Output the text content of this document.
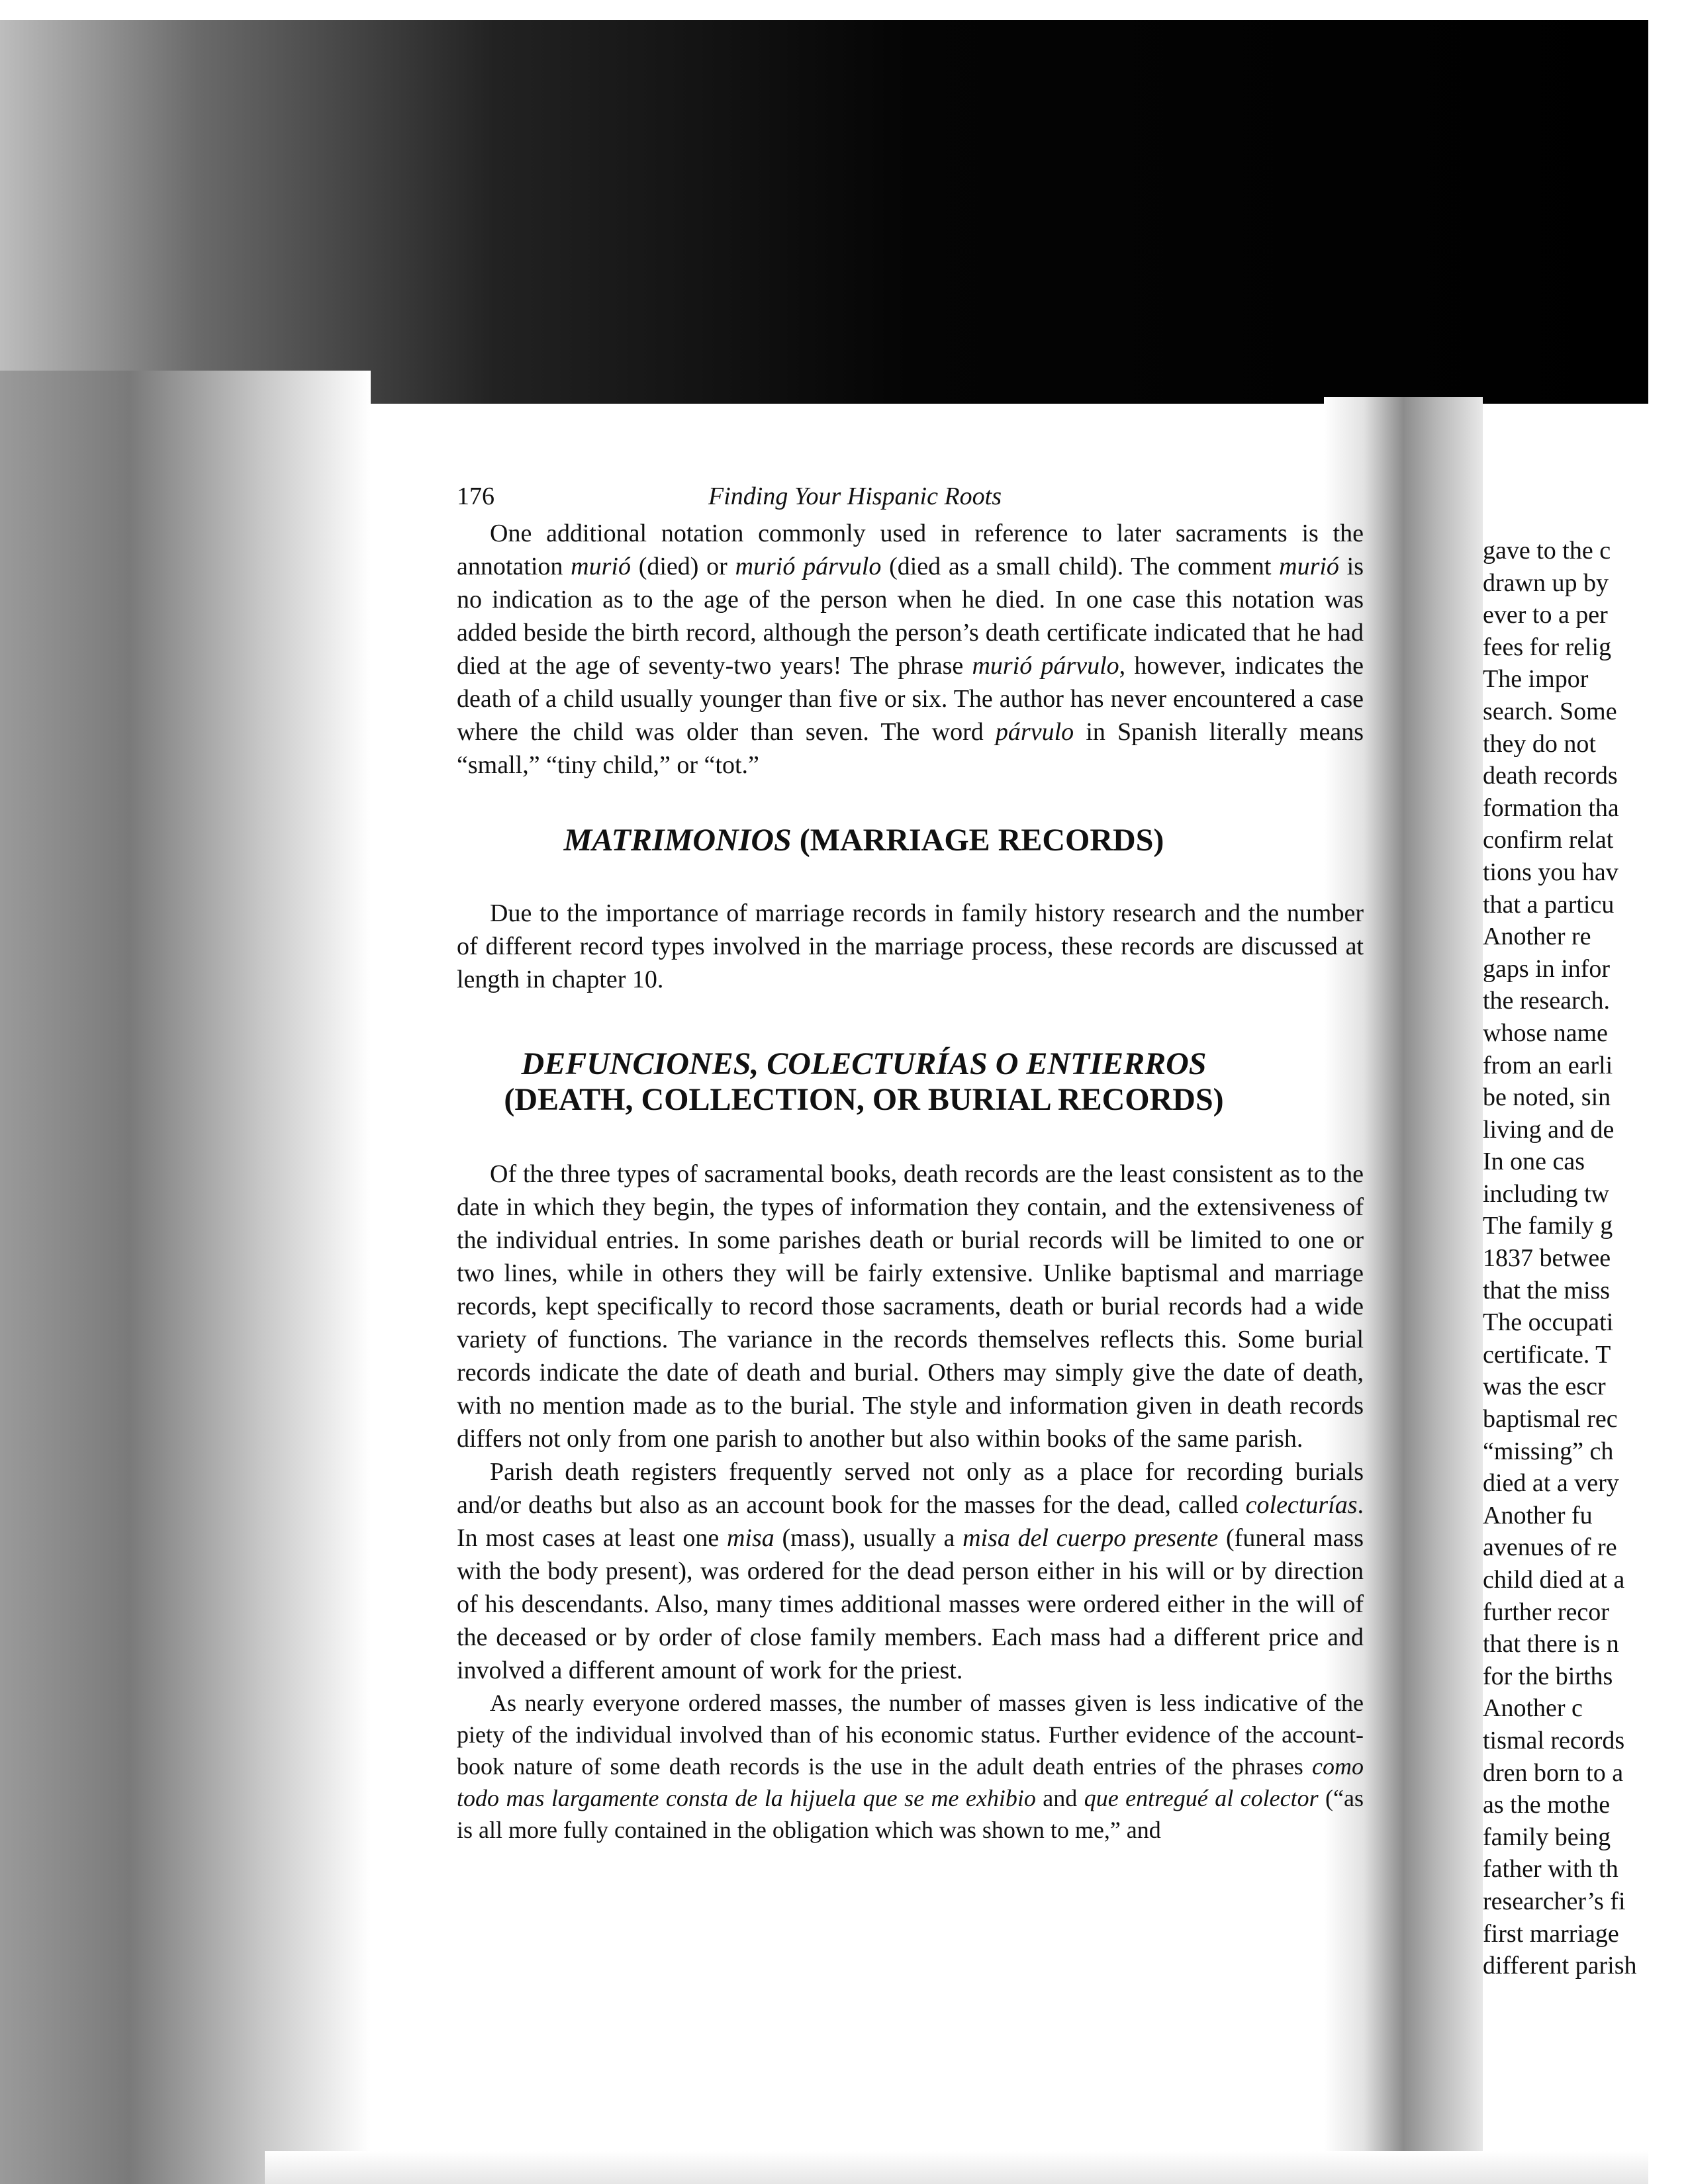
176	Finding Your Hispanic Roots

One additional notation commonly used in reference to later sacraments is the annotation murió (died) or murió párvulo (died as a small child). The comment murió is no indication as to the age of the person when he died. In one case this notation was added beside the birth record, although the person’s death certificate indicated that he had died at the age of seventy-two years! The phrase murió párvulo, however, indicates the death of a child usually younger than five or six. The author has never encountered a case where the child was older than seven. The word párvulo in Spanish literally means “small,” “tiny child,” or “tot.”

MATRIMONIOS (MARRIAGE RECORDS)

Due to the importance of marriage records in family history research and the number of different record types involved in the marriage process, these records are discussed at length in chapter 10.

DEFUNCIONES, COLECTURÍAS O ENTIERROS
(DEATH, COLLECTION, OR BURIAL RECORDS)

Of the three types of sacramental books, death records are the least consistent as to the date in which they begin, the types of information they contain, and the extensiveness of the individual entries. In some parishes death or burial records will be limited to one or two lines, while in others they will be fairly extensive. Unlike baptismal and marriage records, kept specifically to record those sacraments, death or burial records had a wide variety of functions. The variance in the records themselves reflects this. Some burial records indicate the date of death and burial. Others may simply give the date of death, with no mention made as to the burial. The style and information given in death records differs not only from one parish to another but also within books of the same parish.

Parish death registers frequently served not only as a place for recording burials and/or deaths but also as an account book for the masses for the dead, called colecturías. In most cases at least one misa (mass), usually a misa del cuerpo presente (funeral mass with the body present), was ordered for the dead person either in his will or by direction of his descendants. Also, many times additional masses were ordered either in the will of the deceased or by order of close family members. Each mass had a different price and involved a different amount of work for the priest.

As nearly everyone ordered masses, the number of masses given is less indicative of the piety of the individual involved than of his economic status. Further evidence of the account-book nature of some death records is the use in the adult death entries of the phrases como todo mas largamente consta de la hijuela que se me exhibio and que entregué al colector (“as is all more fully contained in the obligation which was shown to me,” and

gave to the c
drawn up by
ever to a per
fees for relig
The impor
search. Some
they do not
death records
formation tha
confirm relat
tions you hav
that a particu
Another re
gaps in infor
the research.
whose name
from an earli
be noted, sin
living and de
In one cas
including tw
The family g
1837 betwee
that the miss
The occupati
certificate. T
was the escr
baptismal rec
“missing” ch
died at a very
Another fu
avenues of re
child died at a
further recor
that there is n
for the births
Another c
tismal records
dren born to a
as the mothe
family being
father with th
researcher’s fi
first marriage
different parish
